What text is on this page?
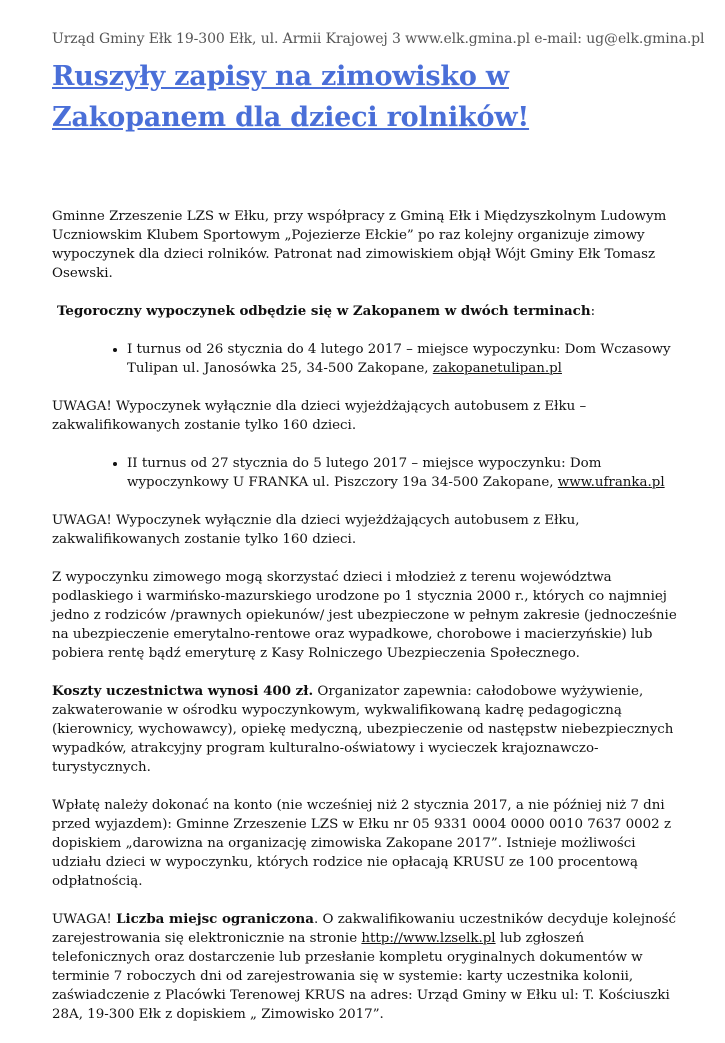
Urząd Gminy Ełk 19-300 Ełk, ul. Armii Krajowej 3 www.elk.gmina.pl e-mail: ug@elk.gmina.pl
Ruszyły zapisy na zimowisko w Zakopanem dla dzieci rolników!

Gminne Zrzeszenie LZS w Ełku, przy współpracy z Gminą Ełk i Międzyszkolnym Ludowym Uczniowskim Klubem Sportowym „Pojezierze Ełckie” po raz kolejny organizuje zimowy wypoczynek dla dzieci rolników. Patronat nad zimowiskiem objął Wójt Gminy Ełk Tomasz Osewski.

Tegoroczny wypoczynek odbędzie się w Zakopanem w dwóch terminach:

• I turnus od 26 stycznia do 4 lutego 2017 – miejsce wypoczynku: Dom Wczasowy Tulipan ul. Janosówka 25, 34-500 Zakopane, zakopanetulipan.pl

UWAGA! Wypoczynek wyłącznie dla dzieci wyjeżdżających autobusem z Ełku – zakwalifikowanych zostanie tylko 160 dzieci.

• II turnus od 27 stycznia do 5 lutego 2017 – miejsce wypoczynku: Dom wypoczynkowy U FRANKA ul. Piszczory 19a 34-500 Zakopane, www.ufranka.pl

UWAGA! Wypoczynek wyłącznie dla dzieci wyjeżdżających autobusem z Ełku, zakwalifikowanych zostanie tylko 160 dzieci.

Z wypoczynku zimowego mogą skorzystać dzieci i młodzież z terenu województwa podlaskiego i warmińsko-mazurskiego urodzone po 1 stycznia 2000 r., których co najmniej jedno z rodziców /prawnych opiekunów/ jest ubezpieczone w pełnym zakresie (jednocześnie na ubezpieczenie emerytalno-rentowe oraz wypadkowe, chorobowe i macierzyńskie) lub pobiera rentę bądź emeryturę z Kasy Rolniczego Ubezpieczenia Społecznego.

Koszty uczestnictwa wynosi 400 zł. Organizator zapewnia: całodobowe wyżywienie, zakwaterowanie w ośrodku wypoczynkowym, wykwalifikowaną kadrę pedagogiczną (kierownicy, wychowawcy), opiekę medyczną, ubezpieczenie od następstw niebezpiecznych wypadków, atrakcyjny program kulturalno-oświatowy i wycieczek krajoznawczo-turystycznych.

Wpłatę należy dokonać na konto (nie wcześniej niż 2 stycznia 2017, a nie później niż 7 dni przed wyjazdem): Gminne Zrzeszenie LZS w Ełku nr 05 9331 0004 0000 0010 7637 0002 z dopiskiem „darowizna na organizację zimowiska Zakopane 2017”. Istnieje możliwości udziału dzieci w wypoczynku, których rodzice nie opłacają KRUSU ze 100 procentową odpłatnością.

UWAGA! Liczba miejsc ograniczona. O zakwalifikowaniu uczestników decyduje kolejność zarejestrowania się elektronicznie na stronie http://www.lzselk.pl lub zgłoszeń telefonicznych oraz dostarczenie lub przesłanie kompletu oryginalnych dokumentów w terminie 7 roboczych dni od zarejestrowania się w systemie: karty uczestnika kolonii, zaświadczenie z Placówki Terenowej KRUS na adres: Urząd Gminy w Ełku ul: T. Kościuszki 28A, 19-300 Ełk z dopiskiem „ Zimowisko 2017”.
